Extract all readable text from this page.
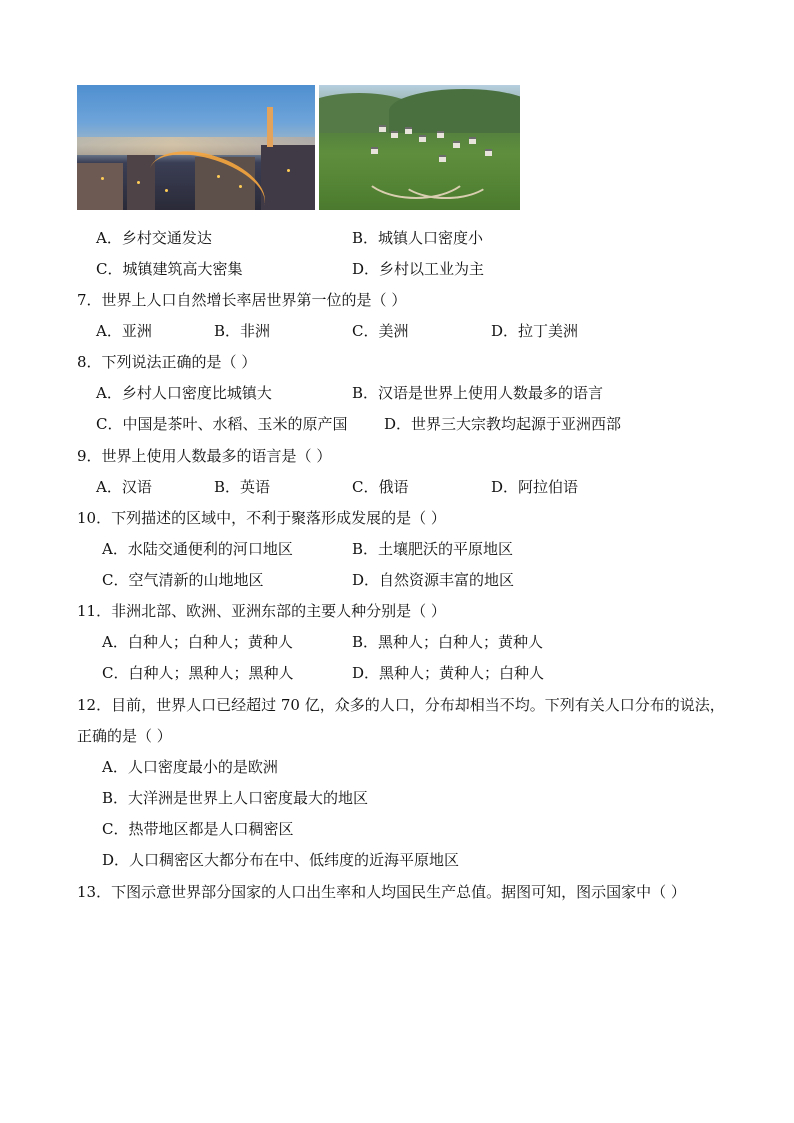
A．乡村交通发达	B．城镇人口密度小
C．城镇建筑高大密集	D．乡村以工业为主
7．世界上人口自然增长率居世界第一位的是（ ）
A．亚洲	B．非洲	C．美洲	D．拉丁美洲
8．下列说法正确的是（ ）
A．乡村人口密度比城镇大	B．汉语是世界上使用人数最多的语言
C．中国是茶叶、水稻、玉米的原产国 D．世界三大宗教均起源于亚洲西部
9．世界上使用人数最多的语言是（ ）
A．汉语	B．英语	C．俄语	D．阿拉伯语
10．下列描述的区域中，不利于聚落形成发展的是（ ）
A．水陆交通便利的河口地区	B．土壤肥沃的平原地区
C．空气清新的山地地区	D．自然资源丰富的地区
11．非洲北部、欧洲、亚洲东部的主要人种分别是（ ）
A．白种人；白种人；黄种人	B．黑种人；白种人；黄种人
C．白种人；黑种人；黑种人	D．黑种人；黄种人；白种人
12．目前，世界人口已经超过 70 亿，众多的人口，分布却相当不均。下列有关人口分布的说法，
正确的是（ ）
A．人口密度最小的是欧洲
B．大洋洲是世界上人口密度最大的地区
C．热带地区都是人口稠密区
D．人口稠密区大都分布在中、低纬度的近海平原地区
13．下图示意世界部分国家的人口出生率和人均国民生产总值。据图可知，图示国家中（ ）
